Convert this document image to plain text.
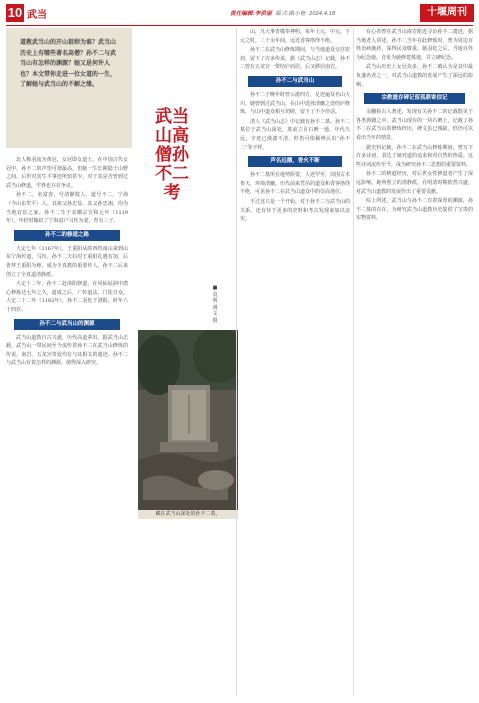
10 武当	责任编辑:李洪丽 版式:路小艳 2024.4.18	十堰周刊

道教武当山的开山祖师为谁？武当山历史上有哪些著名高僧？孙不二与武当山有怎样的渊源？她又是何许人也？本文带你走进一位女道的一生，了解她与武当山的不解之缘。

北人称羽流为黄冠，女冠即女道士。在中国古代女冠中，孙不二的声望可谓最高，但她一生长期隐于山野之间，后世对其生平事迹所知甚少，对于其是否曾到过武当山修道，学界也存在争议。

孙不二，名富春，号清静散人，道号不二，宁海（今山东牟平）人。其祖父孙忠显，其父孙忠翊，均为当地官宦之家。孙不二生于宋徽宗宣和元年（1119年），年轻时嫁给了宁海富户马钰为妻，育有三子。

孙不二的修道之路

大定七年（1167年），王重阳从陕西终南山来到山东宁海传道，马钰、孙不二夫妇对王重阳礼遇有加，后皆拜王重阳为师，成为全真教的重要传人。孙不二后来创立了全真道清静派。

大定十二年，孙不二赴洛阳修道，在风仙姑洞中潜心修炼达七年之久，道成之后，广传道法，门徒日众。大定二十二年（1182年），孙不二羽化于洛阳，时年六十四岁。

孙不二与武当山的渊源

武当山道教自古兴盛，历代高道辈出。据武当山志载，武当山一带民间至今流传着孙不二在武当山修炼的传说。南岩、五龙宫等处均有与其相关的遗迹。孙不二与武当山有着怎样的渊源，值得深入研究。

武当山高僧孙不二考
■袁明 漫文 摄
藏在武当山深处的孙不二墓。

山，凡大事皆敬奉神明，每年上元、中元、下元之时，二十余年间，远近香客络绎不绝。

孙不二在武当山修炼期间，与当地道众交往密切，留下了许多传说。据《武当山志》记载，孙不二曾在五龙宫一带结庐而居，后又移居南岩。

孙不二与武当山

孙不二于晚年时曾云游四方，足迹遍及名山大川。她曾到过武当山，在山中选择清幽之处结庐修炼，与山中道众相互切磋，留下了不少佳话。

清人《武当山志》中记载有孙不二墓。孙不二墓位于武当山深处，墓前立有石碑一通，年代久远，字迹已漫漶不清，但仍可依稀辨认出“孙不二”等字样。

声名远播，香火不断

孙不二墓所在地势险要，人迹罕至，周围古木参天，环境清幽。历代前来凭吊的道众和香客络绎不绝，可见孙不二在武当山道众中的崇高地位。

不过这只是一个开始，对于孙不二与武当山的关系，还有待于更多的史料和考古发现来加以证实。

有心者曾在武当山南岩附近寻访孙不二遗迹，据当地老人讲述，孙不二当年在此修炼时，曾为周边百姓治病施药，深得民众敬重。她羽化之后，当地百姓为纪念她，自发为她修建墓地，并立碑纪念。

武当山历史上女冠众多，孙不二被认为是其中最负盛名者之一，对武当山道教的发展产生了深远的影响。

宗教遗存碑记留孤鼎寄信记

余翻检古人著述，发现有关孙不二的记载散见于各类典籍之中。武当山现存的一块石碑上，记载了孙不二在武当山的修炼经历，碑文虽已残缺，但仍可以看出当年的情景。

据史料记载，孙不二在武当山修炼期间，曾写下许多诗词，表达了她对道的追求和对自然的热爱。这些诗词流传至今，成为研究孙不二思想的重要资料。

孙不二的修道经历，对后世女性修道者产生了深远影响。她所创立的清静派，在明清时期依然兴盛，对武当山道教的发展作出了重要贡献。

综上所述，武当山与孙不二有着深厚的渊源，孙不二墓的存在，为研究武当山道教历史提供了宝贵的实物资料。
